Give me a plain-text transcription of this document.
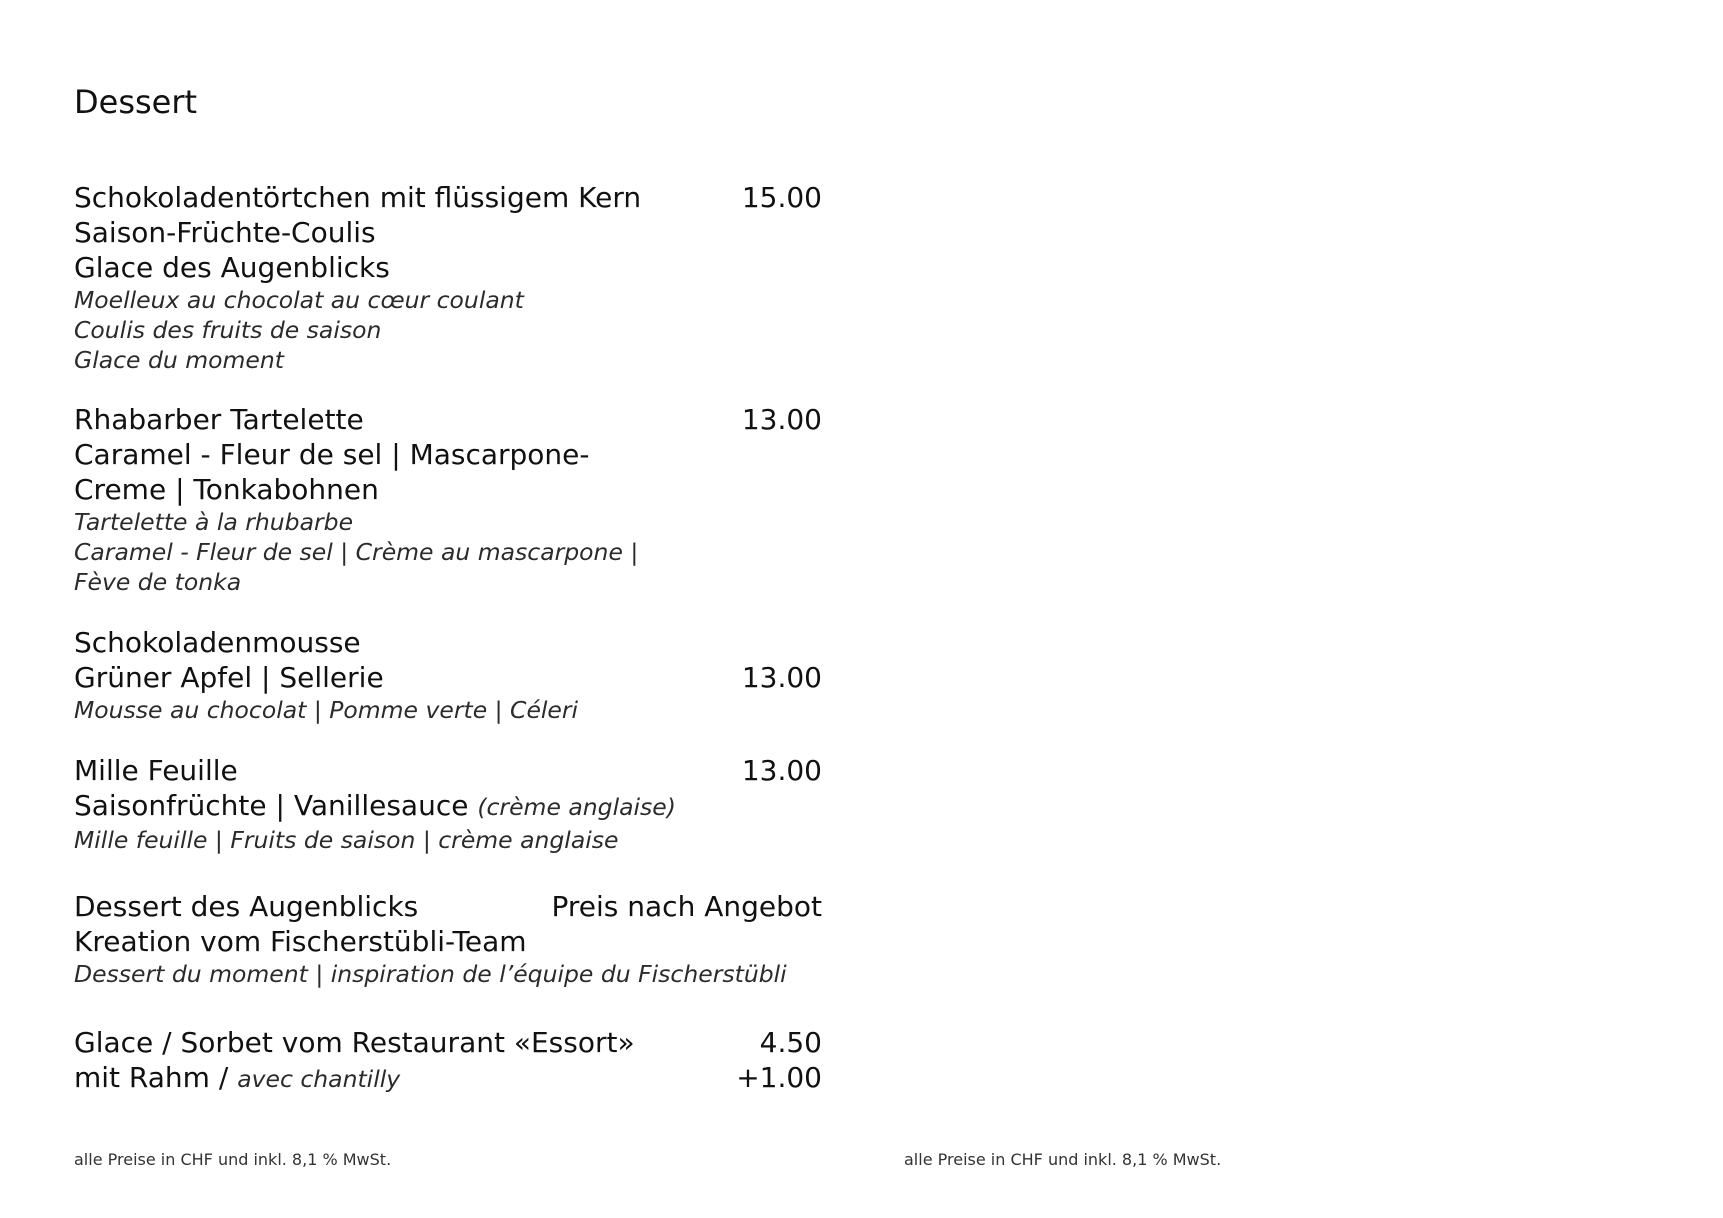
Dessert
Schokoladentörtchen mit flüssigem Kern	15.00
Saison-Früchte-Coulis
Glace des Augenblicks
Moelleux au chocolat au cœur coulant
Coulis des fruits de saison
Glace du moment
Rhabarber Tartelette	13.00
Caramel - Fleur de sel | Mascarpone-
Creme | Tonkabohnen
Tartelette à la rhubarbe
Caramel - Fleur de sel | Crème au mascarpone |
Fève de tonka
Schokoladenmousse
Grüner Apfel | Sellerie	13.00
Mousse au chocolat | Pomme verte | Céleri
Mille Feuille	13.00
Saisonfrüchte | Vanillesauce (crème anglaise)
Mille feuille | Fruits de saison | crème anglaise
Dessert des Augenblicks	Preis nach Angebot
Kreation vom Fischerstübli-Team
Dessert du moment | inspiration de l’équipe du Fischerstübli
Glace / Sorbet vom Restaurant «Essort»	4.50
mit Rahm / avec chantilly	+1.00
alle Preise in CHF und inkl. 8,1 % MwSt.	alle Preise in CHF und inkl. 8,1 % MwSt.
